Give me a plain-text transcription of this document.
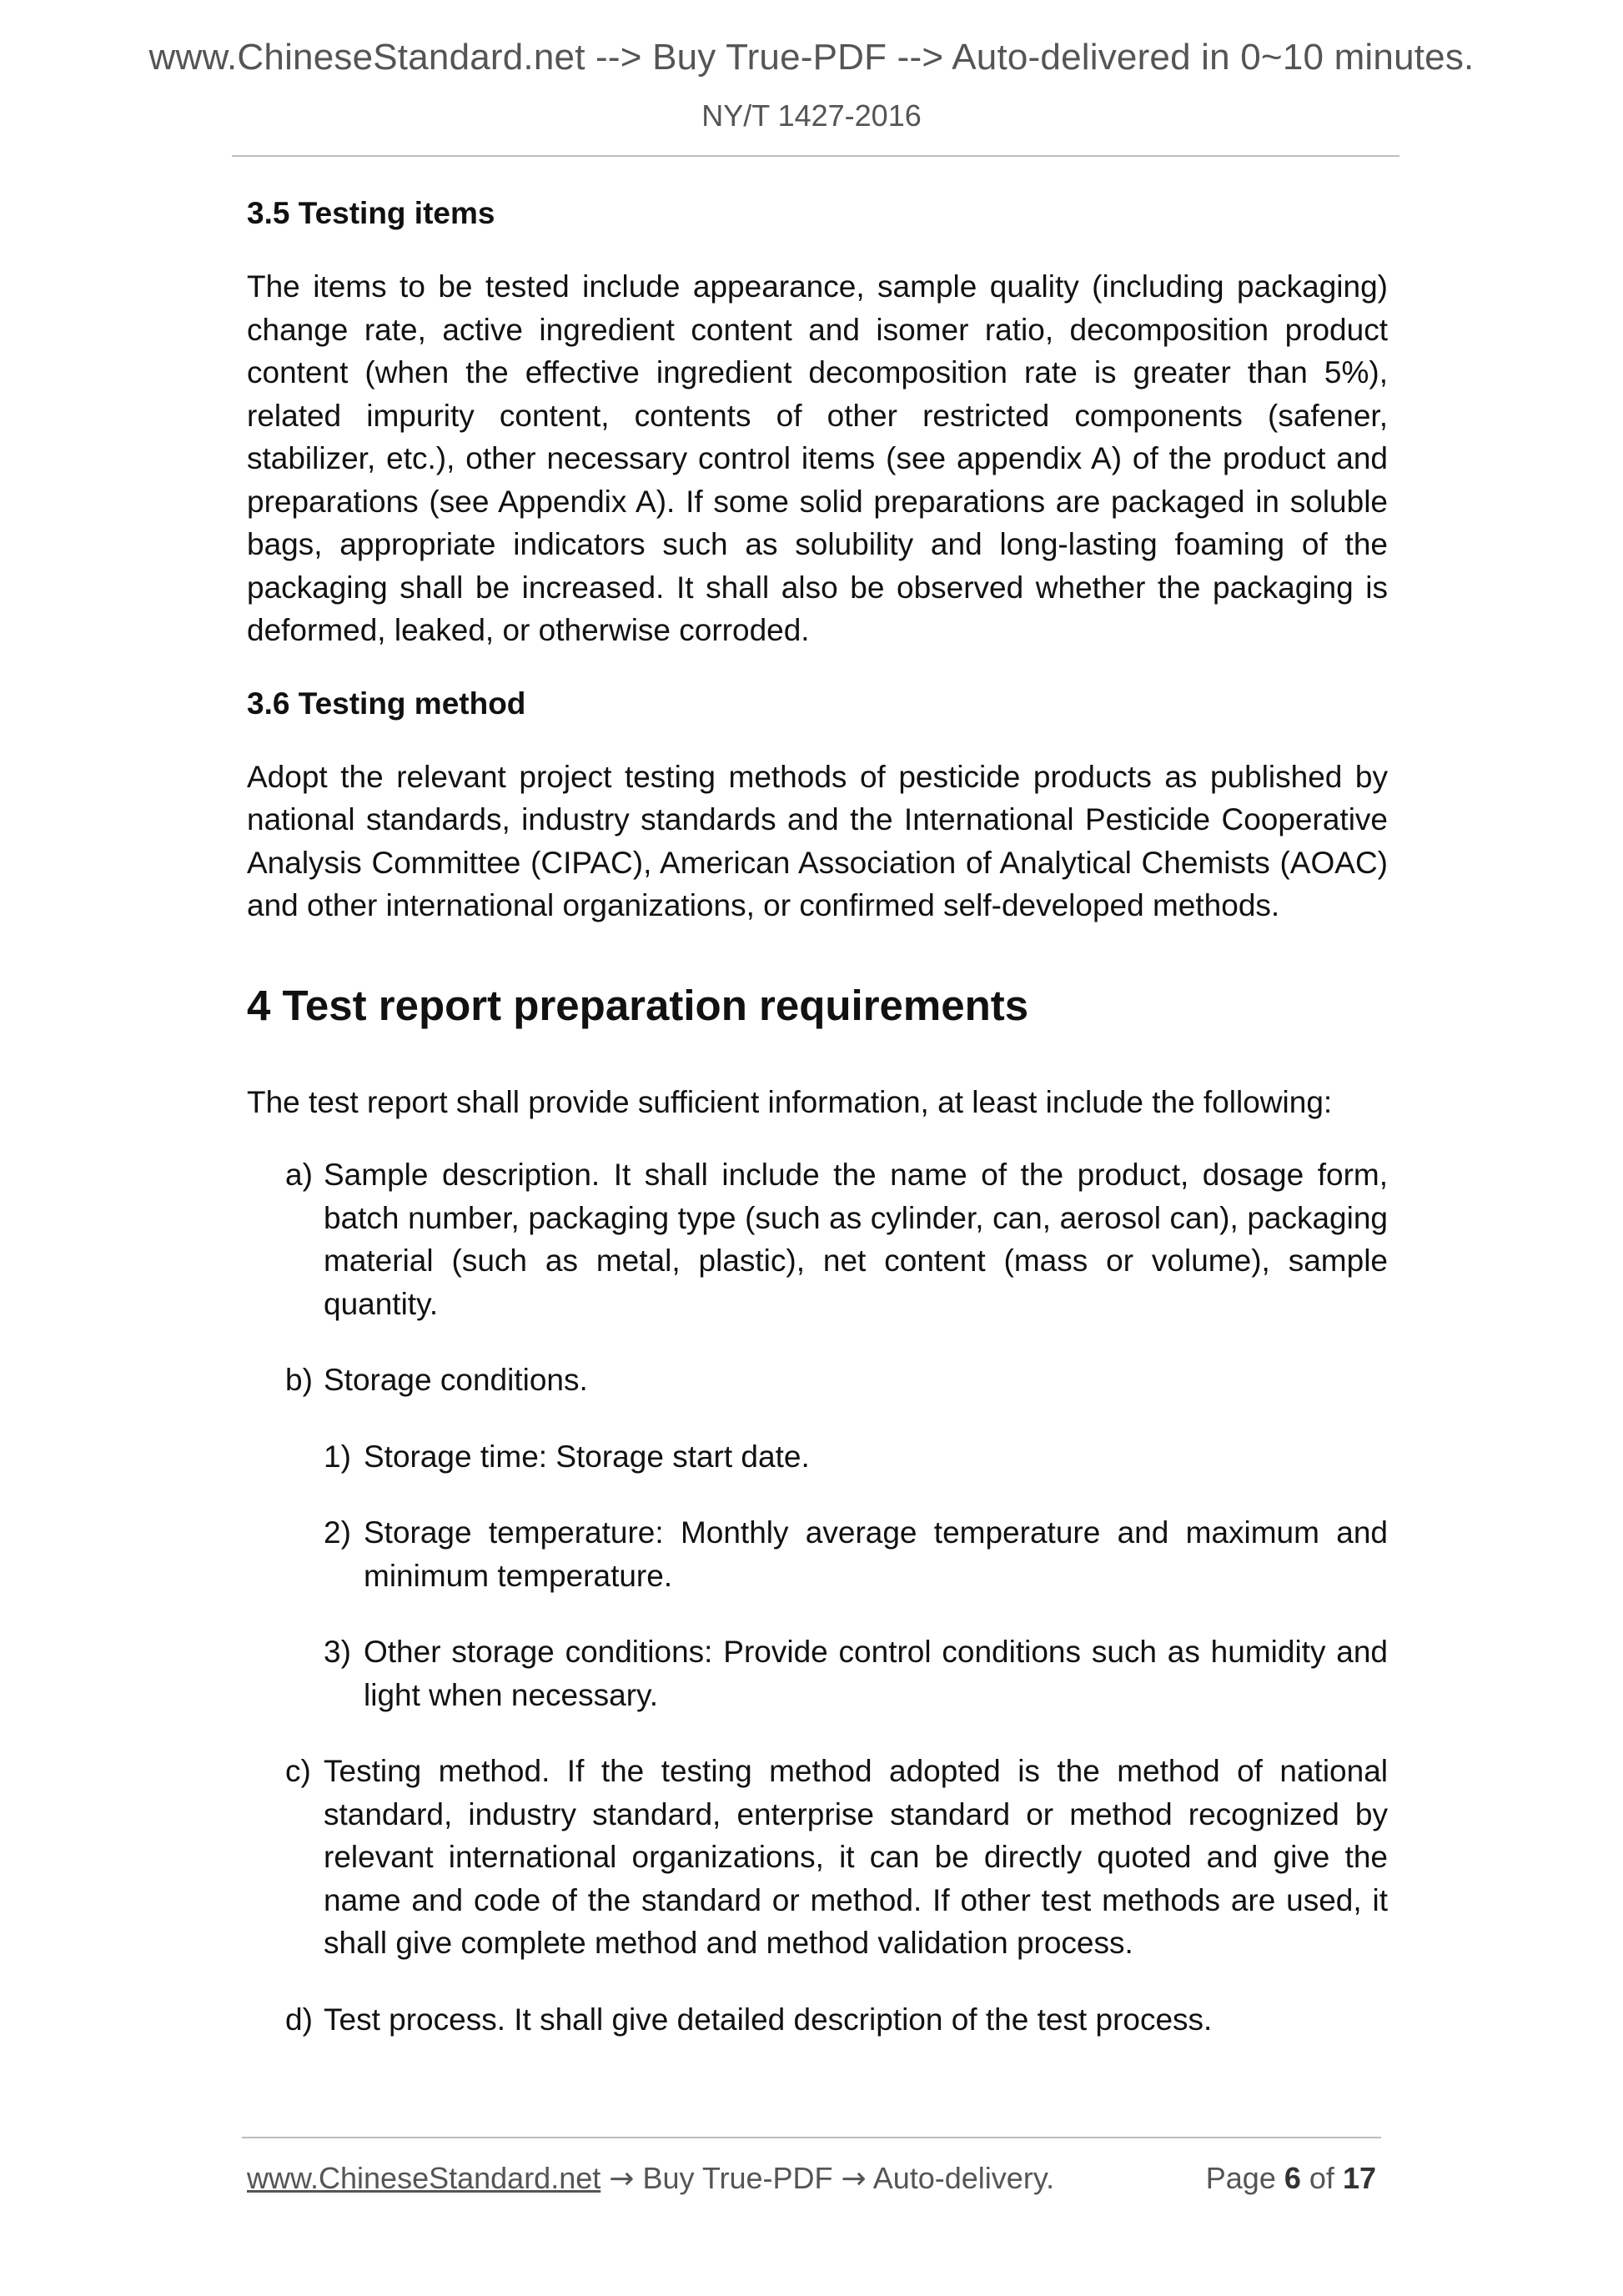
www.ChineseStandard.net --> Buy True-PDF --> Auto-delivered in 0~10 minutes.
NY/T 1427-2016
3.5 Testing items

The items to be tested include appearance, sample quality (including packaging) change rate, active ingredient content and isomer ratio, decomposition product content (when the effective ingredient decomposition rate is greater than 5%), related impurity content, contents of other restricted components (safener, stabilizer, etc.), other necessary control items (see appendix A) of the product and preparations (see Appendix A). If some solid preparations are packaged in soluble bags, appropriate indicators such as solubility and long-lasting foaming of the packaging shall be increased. It shall also be observed whether the packaging is deformed, leaked, or otherwise corroded.

3.6 Testing method

Adopt the relevant project testing methods of pesticide products as published by national standards, industry standards and the International Pesticide Cooperative Analysis Committee (CIPAC), American Association of Analytical Chemists (AOAC) and other international organizations, or confirmed self-developed methods.

4 Test report preparation requirements

The test report shall provide sufficient information, at least include the following:

a) Sample description. It shall include the name of the product, dosage form, batch number, packaging type (such as cylinder, can, aerosol can), packaging material (such as metal, plastic), net content (mass or volume), sample quantity.
b) Storage conditions.
1) Storage time: Storage start date.
2) Storage temperature: Monthly average temperature and maximum and minimum temperature.
3) Other storage conditions: Provide control conditions such as humidity and light when necessary.
c) Testing method. If the testing method adopted is the method of national standard, industry standard, enterprise standard or method recognized by relevant international organizations, it can be directly quoted and give the name and code of the standard or method. If other test methods are used, it shall give complete method and method validation process.
d) Test process. It shall give detailed description of the test process.
www.ChineseStandard.net → Buy True-PDF → Auto-delivery.	Page 6 of 17
